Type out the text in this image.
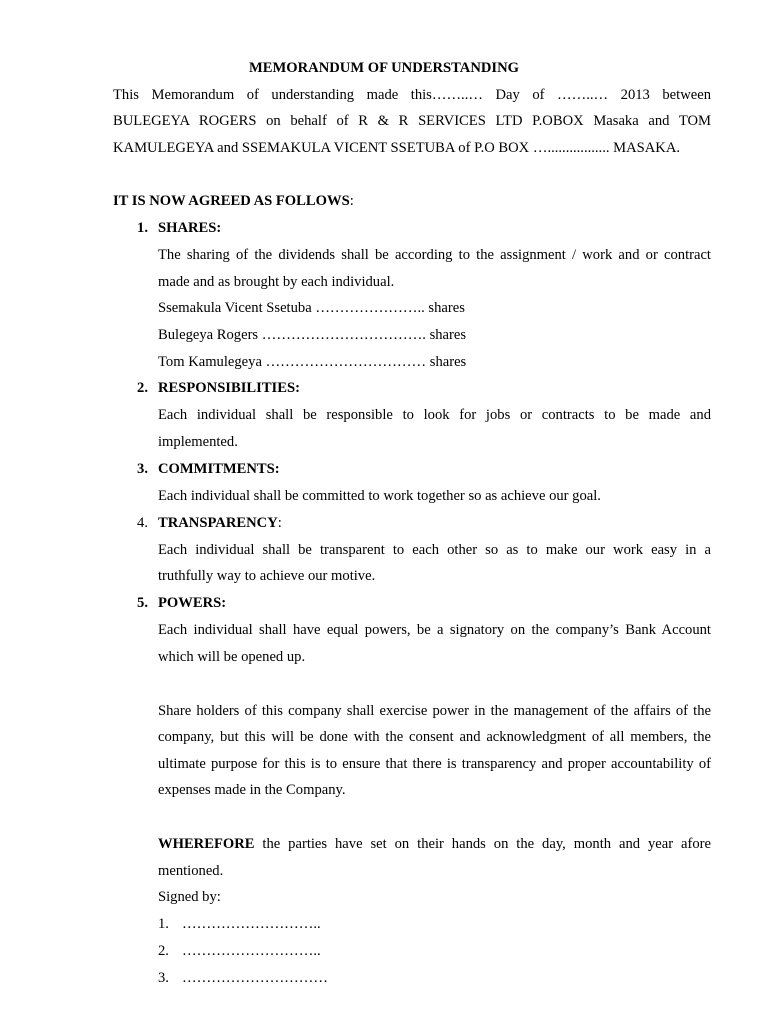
MEMORANDUM OF UNDERSTANDING
This Memorandum of understanding made this……..… Day of ……..… 2013 between
BULEGEYA ROGERS on behalf of R & R SERVICES LTD P.OBOX Masaka and TOM
KAMULEGEYA and SSEMAKULA VICENT SSETUBA of P.O BOX …................. MASAKA.
IT IS NOW AGREED AS FOLLOWS:
1. SHARES:
The sharing of the dividends shall be according to the assignment / work and or contract
made and as brought by each individual.
Ssemakula Vicent Ssetuba ………………….. shares
Bulegeya Rogers ……………………………. shares
Tom Kamulegeya …………………………… shares
2. RESPONSIBILITIES:
Each individual shall be responsible to look for jobs or contracts to be made and
implemented.
3. COMMITMENTS:
Each individual shall be committed to work together so as achieve our goal.
4. TRANSPARENCY:
Each individual shall be transparent to each other so as to make our work easy in a
truthfully way to achieve our motive.
5. POWERS:
Each individual shall have equal powers, be a signatory on the company’s Bank Account
which will be opened up.
Share holders of this company shall exercise power in the management of the affairs of the
company, but this will be done with the consent and acknowledgment of all members, the
ultimate purpose for this is to ensure that there is transparency and proper accountability of
expenses made in the Company.
WHEREFORE the parties have set on their hands on the day, month and year afore
mentioned.
Signed by:
1. ………………………..
2. ………………………..
3. …………………………
